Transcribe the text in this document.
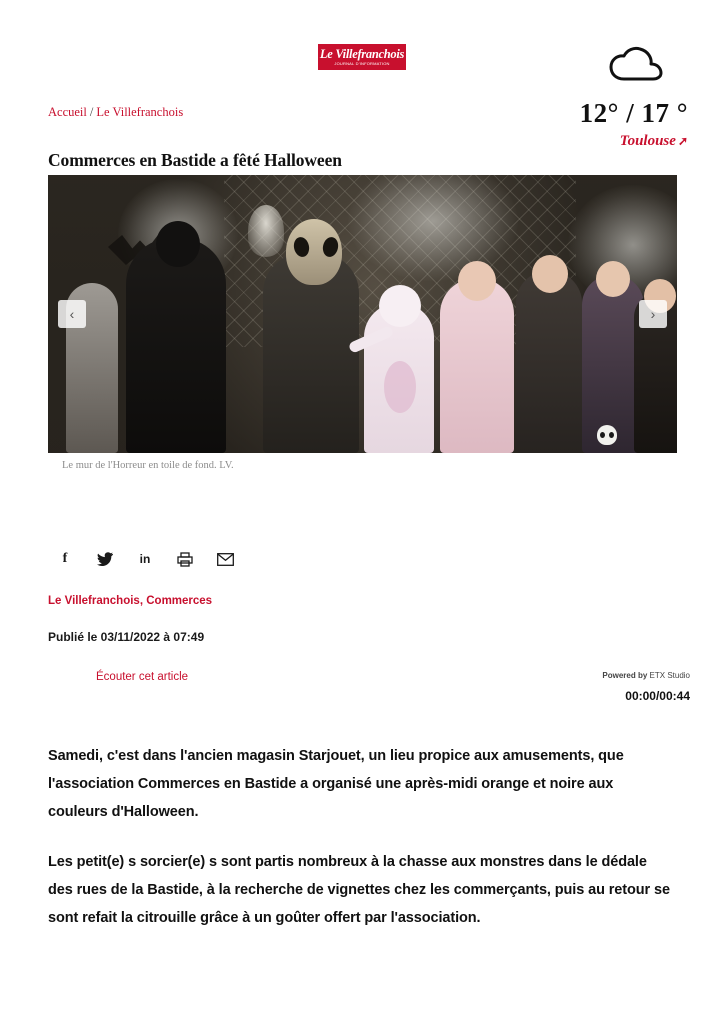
Le Villefranchois
JOURNAL D'INFORMATION
12° / 17 °
Toulouse ➚
Accueil / Le Villefranchois
Commerces en Bastide a fêté Halloween
‹	›
Le mur de l'Horreur en toile de fond. LV.
f	in
Le Villefranchois, Commerces
Publié le 03/11/2022 à 07:49
Écouter cet article	Powered by ETX Studio
00:00/00:44

Samedi, c'est dans l'ancien magasin Starjouet, un lieu propice aux amusements, que l'association Commerces en Bastide a organisé une après-midi orange et noire aux couleurs d'Halloween.

Les petit(e) s sorcier(e) s sont partis nombreux à la chasse aux monstres dans le dédale des rues de la Bastide, à la recherche de vignettes chez les commerçants, puis au retour se sont refait la citrouille grâce à un goûter offert par l'association.
